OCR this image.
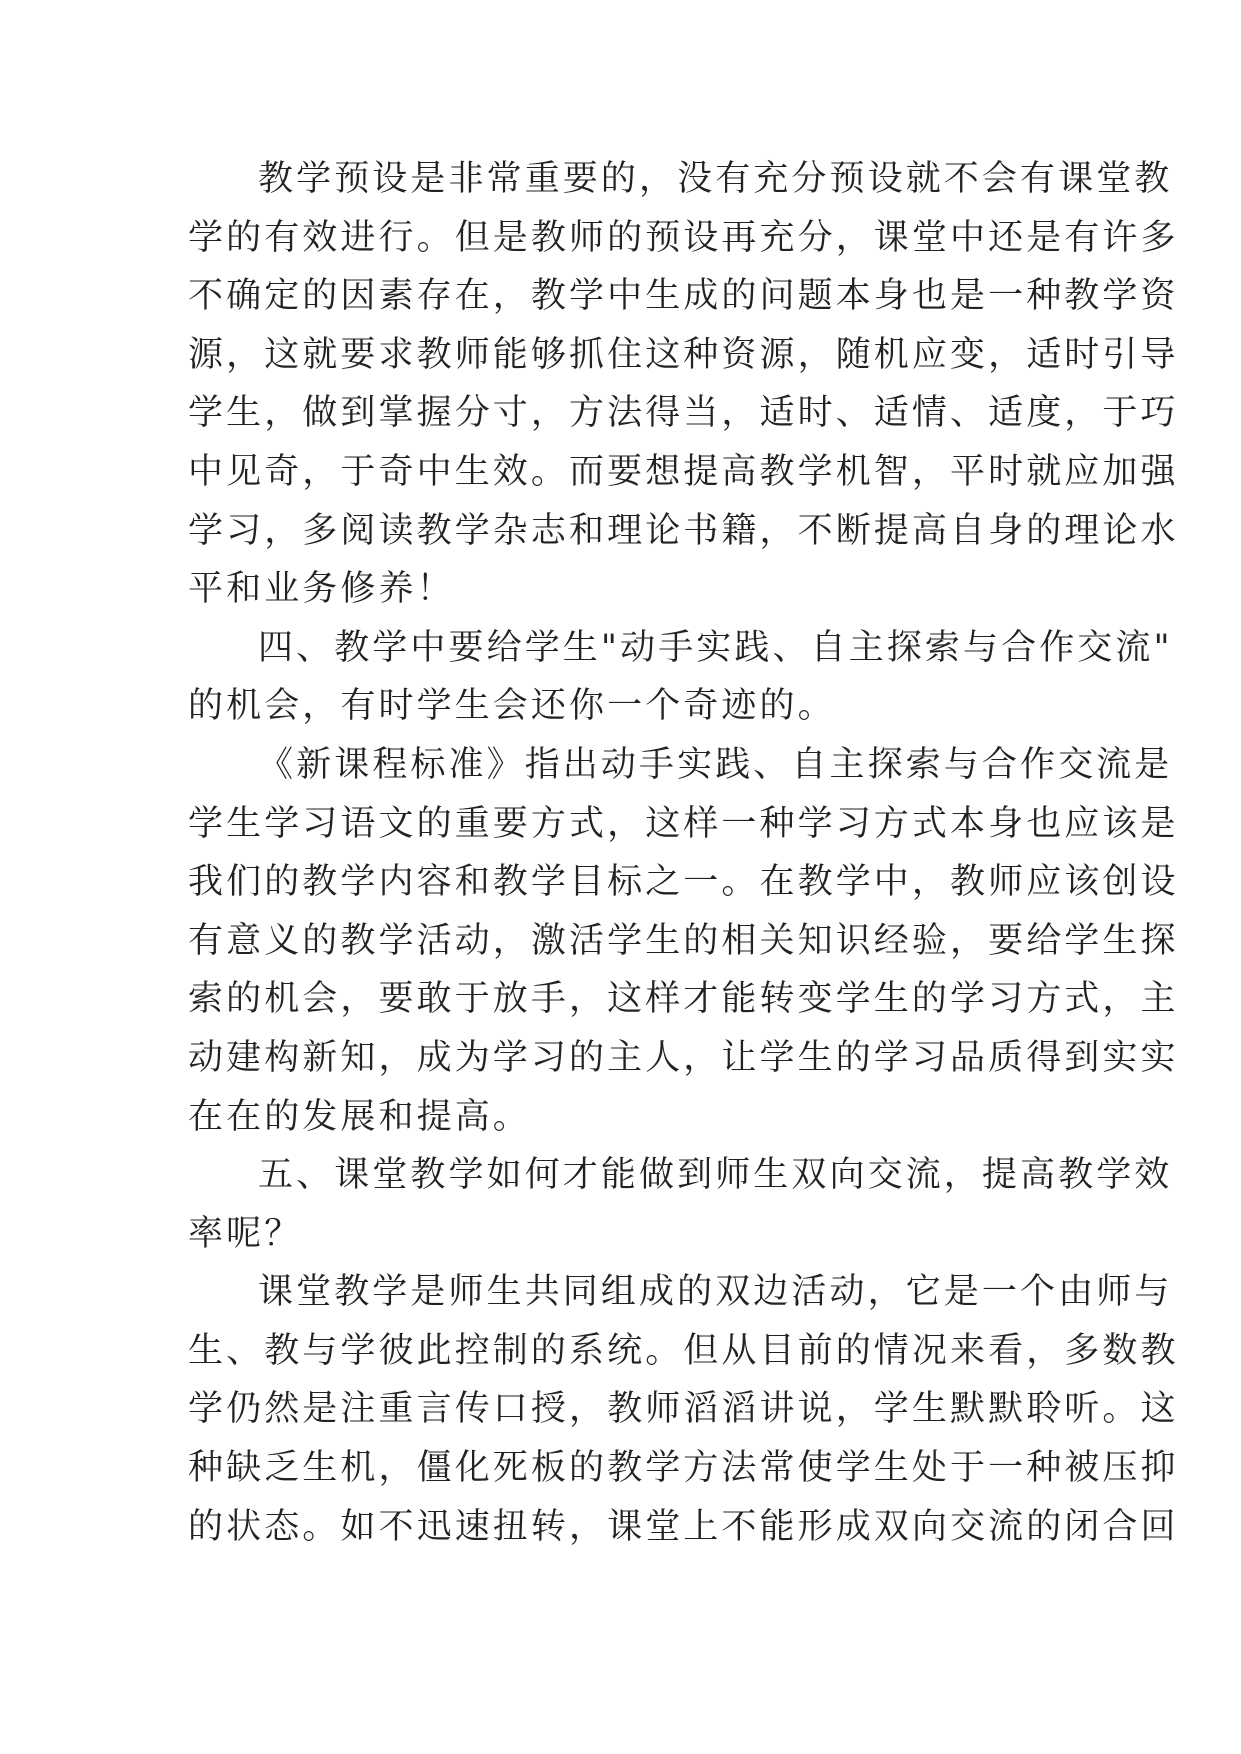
教学预设是非常重要的，没有充分预设就不会有课堂教
学的有效进行。但是教师的预设再充分，课堂中还是有许多
不确定的因素存在，教学中生成的问题本身也是一种教学资
源，这就要求教师能够抓住这种资源，随机应变，适时引导
学生，做到掌握分寸，方法得当，适时、适情、适度，于巧
中见奇，于奇中生效。而要想提高教学机智，平时就应加强
学习，多阅读教学杂志和理论书籍，不断提高自身的理论水
平和业务修养！
四、教学中要给学生"动手实践、自主探索与合作交流"
的机会，有时学生会还你一个奇迹的。
《新课程标准》指出动手实践、自主探索与合作交流是
学生学习语文的重要方式，这样一种学习方式本身也应该是
我们的教学内容和教学目标之一。在教学中，教师应该创设
有意义的教学活动，激活学生的相关知识经验，要给学生探
索的机会，要敢于放手，这样才能转变学生的学习方式，主
动建构新知，成为学习的主人，让学生的学习品质得到实实
在在的发展和提高。
五、课堂教学如何才能做到师生双向交流，提高教学效
率呢？
课堂教学是师生共同组成的双边活动，它是一个由师与
生、教与学彼此控制的系统。但从目前的情况来看，多数教
学仍然是注重言传口授，教师滔滔讲说，学生默默聆听。这
种缺乏生机，僵化死板的教学方法常使学生处于一种被压抑
的状态。如不迅速扭转，课堂上不能形成双向交流的闭合回
